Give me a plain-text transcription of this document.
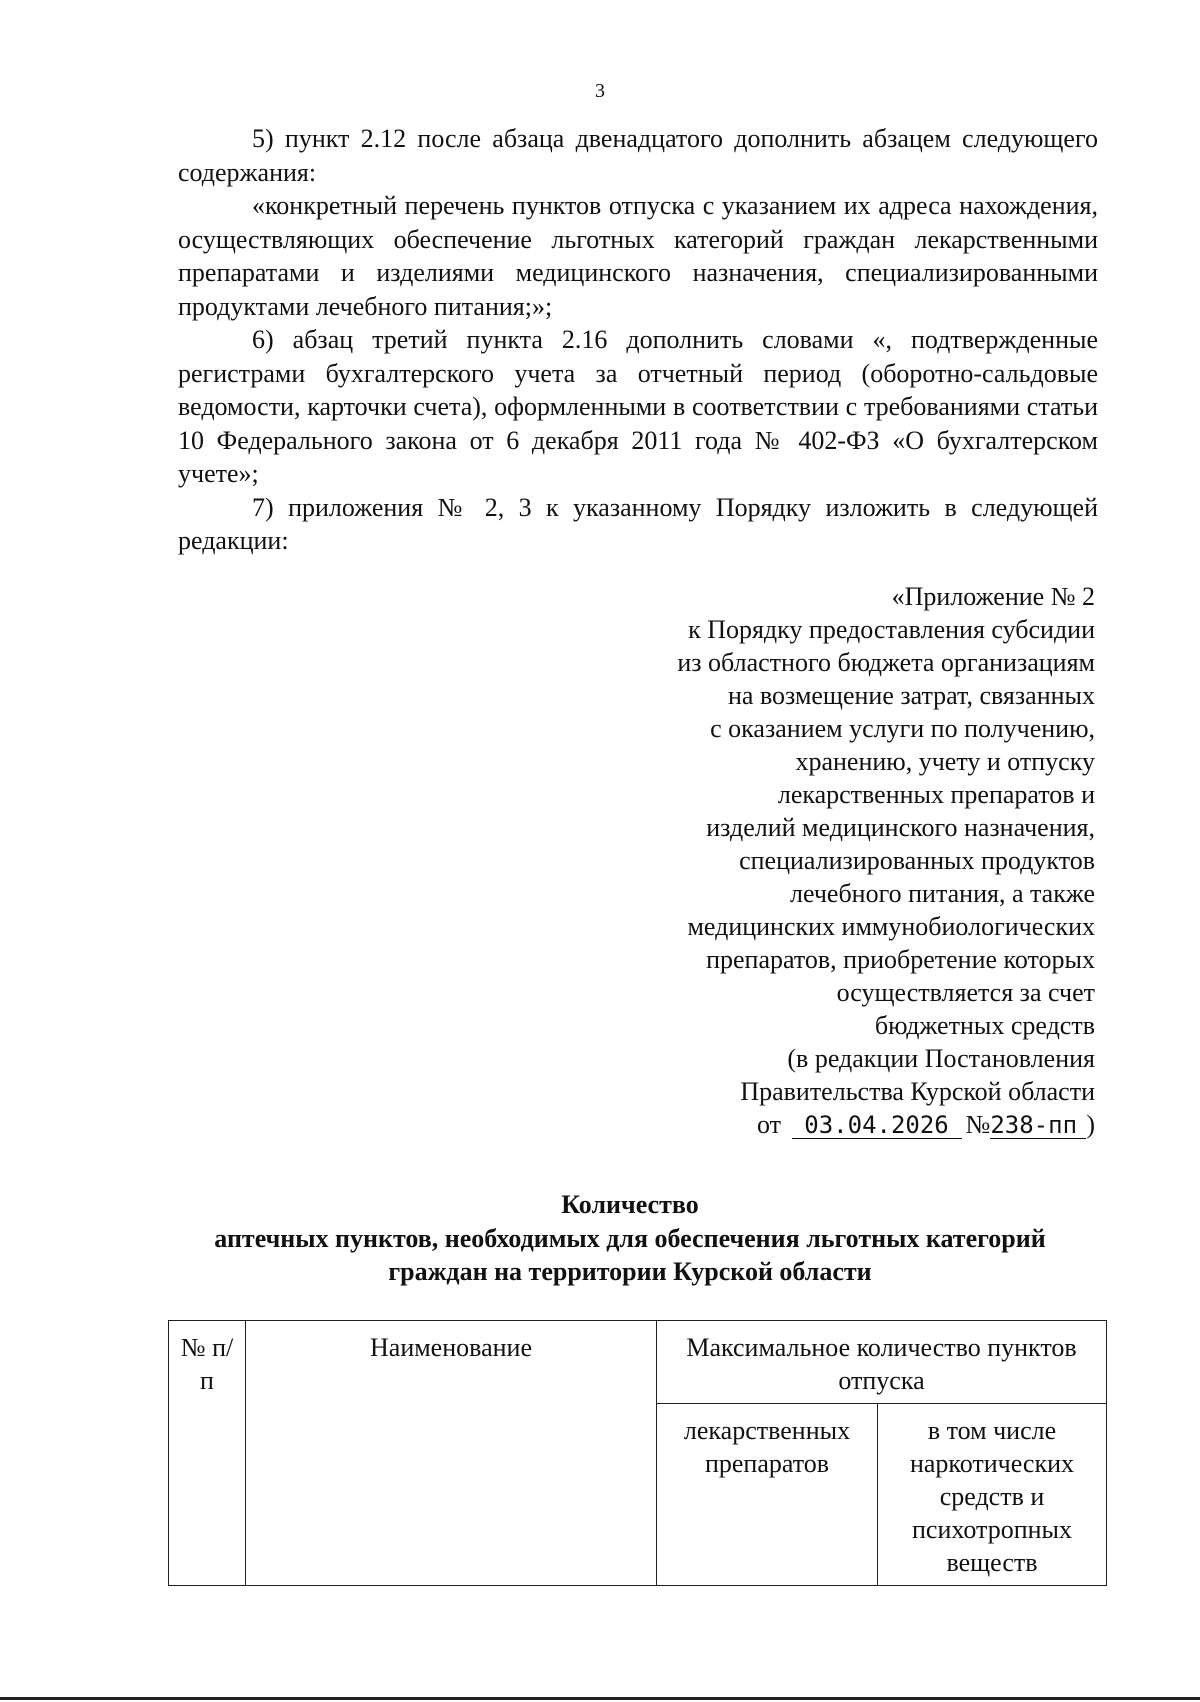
3

5) пункт 2.12 после абзаца двенадцатого дополнить абзацем следующего содержания:

«конкретный перечень пунктов отпуска с указанием их адреса нахождения, осуществляющих обеспечение льготных категорий граждан лекарственными препаратами и изделиями медицинского назначения, специализированными продуктами лечебного питания;»;

6) абзац третий пункта 2.16 дополнить словами «, подтвержденные регистрами бухгалтерского учета за отчетный период (оборотно-сальдовые ведомости, карточки счета), оформленными в соответствии с требованиями статьи 10 Федерального закона от 6 декабря 2011 года № 402-ФЗ «О бухгалтерском учете»;

7) приложения № 2, 3 к указанному Порядку изложить в следующей редакции:

«Приложение № 2
к Порядку предоставления субсидии
из областного бюджета организациям
на возмещение затрат, связанных
с оказанием услуги по получению,
хранению, учету и отпуску
лекарственных препаратов и
изделий медицинского назначения,
специализированных продуктов
лечебного питания, а также
медицинских иммунобиологических
препаратов, приобретение которых
осуществляется за счет
бюджетных средств
(в редакции Постановления
Правительства Курской области
от 03.04.2026 №238-пп )
Количество
аптечных пунктов, необходимых для обеспечения льготных категорий
граждан на территории Курской области
№ п/п	Наименование	Максимальное количество пунктов отпуска	
		лекарственных препаратов	в том числе наркотических средств и психотропных веществ
